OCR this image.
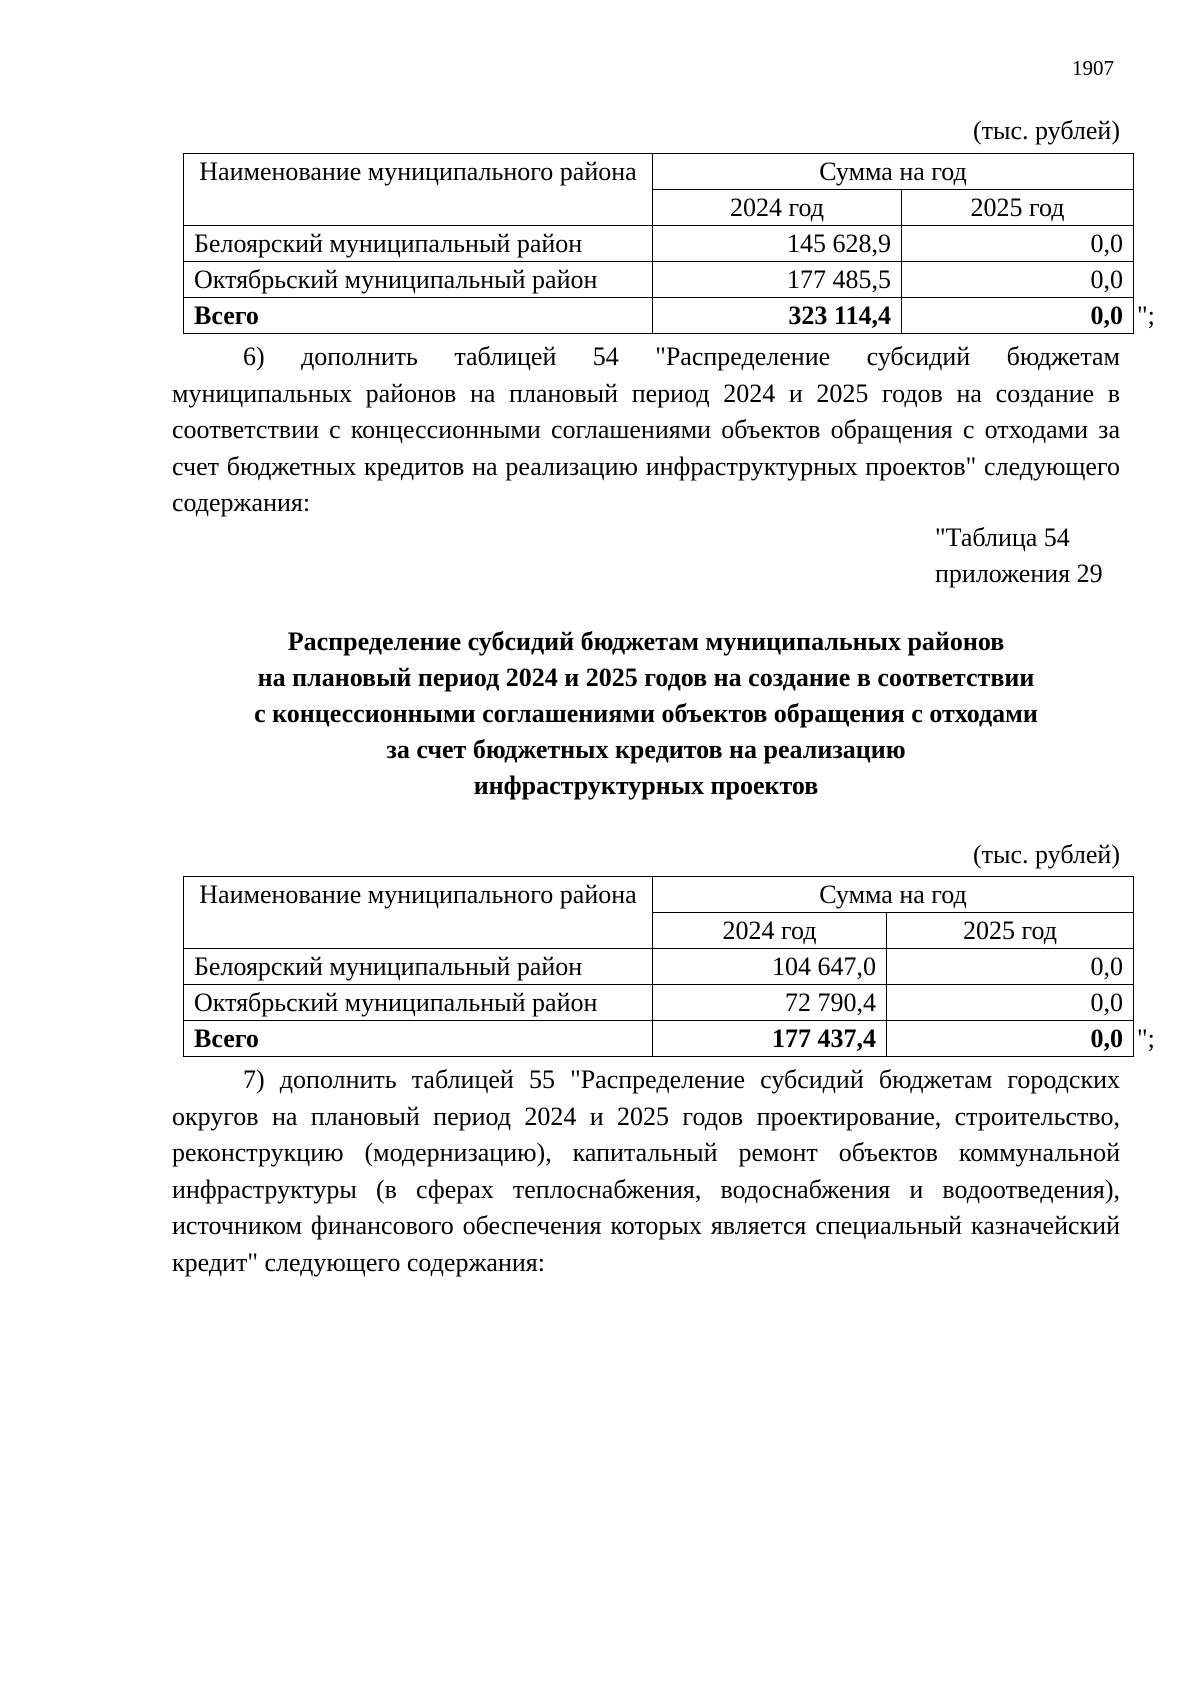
1907
(тыс. рублей)
Наименование муниципального района	Сумма на год	
	2024 год	2025 год
Белоярский муниципальный район	145 628,9	0,0
Октябрьский муниципальный район	177 485,5	0,0
Всего	323 114,4	0,0 ";
6) дополнить таблицей 54 "Распределение субсидий бюджетам муниципальных районов на плановый период 2024 и 2025 годов на создание в соответствии с концессионными соглашениями объектов обращения с отходами за счет бюджетных кредитов на реализацию инфраструктурных проектов" следующего содержания:
"Таблица 54
приложения 29
Распределение субсидий бюджетам муниципальных районов
на плановый период 2024 и 2025 годов на создание в соответствии
с концессионными соглашениями объектов обращения с отходами
за счет бюджетных кредитов на реализацию
инфраструктурных проектов
(тыс. рублей)
Наименование муниципального района	Сумма на год	
	2024 год	2025 год
Белоярский муниципальный район	104 647,0	0,0
Октябрьский муниципальный район	72 790,4	0,0
Всего	177 437,4	0,0 ";
7) дополнить таблицей 55 "Распределение субсидий бюджетам городских округов на плановый период 2024 и 2025 годов проектирование, строительство, реконструкцию (модернизацию), капитальный ремонт объектов коммунальной инфраструктуры (в сферах теплоснабжения, водоснабжения и водоотведения), источником финансового обеспечения которых является специальный казначейский кредит" следующего содержания:
